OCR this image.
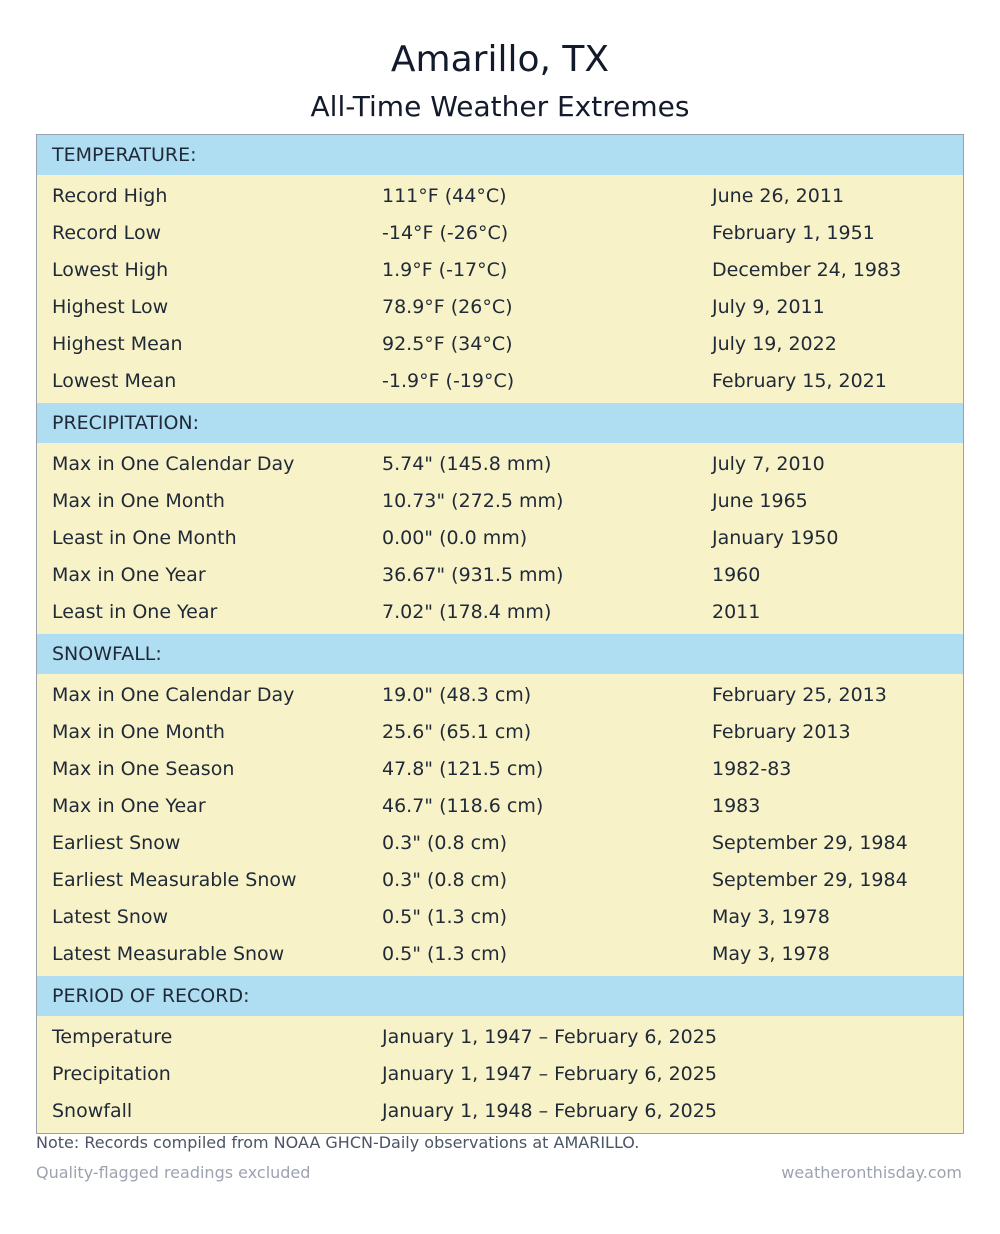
Amarillo, TX
All-Time Weather Extremes
TEMPERATURE:
Record High	111°F (44°C)	June 26, 2011
Record Low	-14°F (-26°C)	February 1, 1951
Lowest High	1.9°F (-17°C)	December 24, 1983
Highest Low	78.9°F (26°C)	July 9, 2011
Highest Mean	92.5°F (34°C)	July 19, 2022
Lowest Mean	-1.9°F (-19°C)	February 15, 2021
PRECIPITATION:
Max in One Calendar Day	5.74" (145.8 mm)	July 7, 2010
Max in One Month	10.73" (272.5 mm)	June 1965
Least in One Month	0.00" (0.0 mm)	January 1950
Max in One Year	36.67" (931.5 mm)	1960
Least in One Year	7.02" (178.4 mm)	2011
SNOWFALL:
Max in One Calendar Day	19.0" (48.3 cm)	February 25, 2013
Max in One Month	25.6" (65.1 cm)	February 2013
Max in One Season	47.8" (121.5 cm)	1982-83
Max in One Year	46.7" (118.6 cm)	1983
Earliest Snow	0.3" (0.8 cm)	September 29, 1984
Earliest Measurable Snow	0.3" (0.8 cm)	September 29, 1984
Latest Snow	0.5" (1.3 cm)	May 3, 1978
Latest Measurable Snow	0.5" (1.3 cm)	May 3, 1978
PERIOD OF RECORD:
Temperature	January 1, 1947 – February 6, 2025
Precipitation	January 1, 1947 – February 6, 2025
Snowfall	January 1, 1948 – February 6, 2025
Note: Records compiled from NOAA GHCN-Daily observations at AMARILLO.
Quality-flagged readings excluded	weatheronthisday.com
